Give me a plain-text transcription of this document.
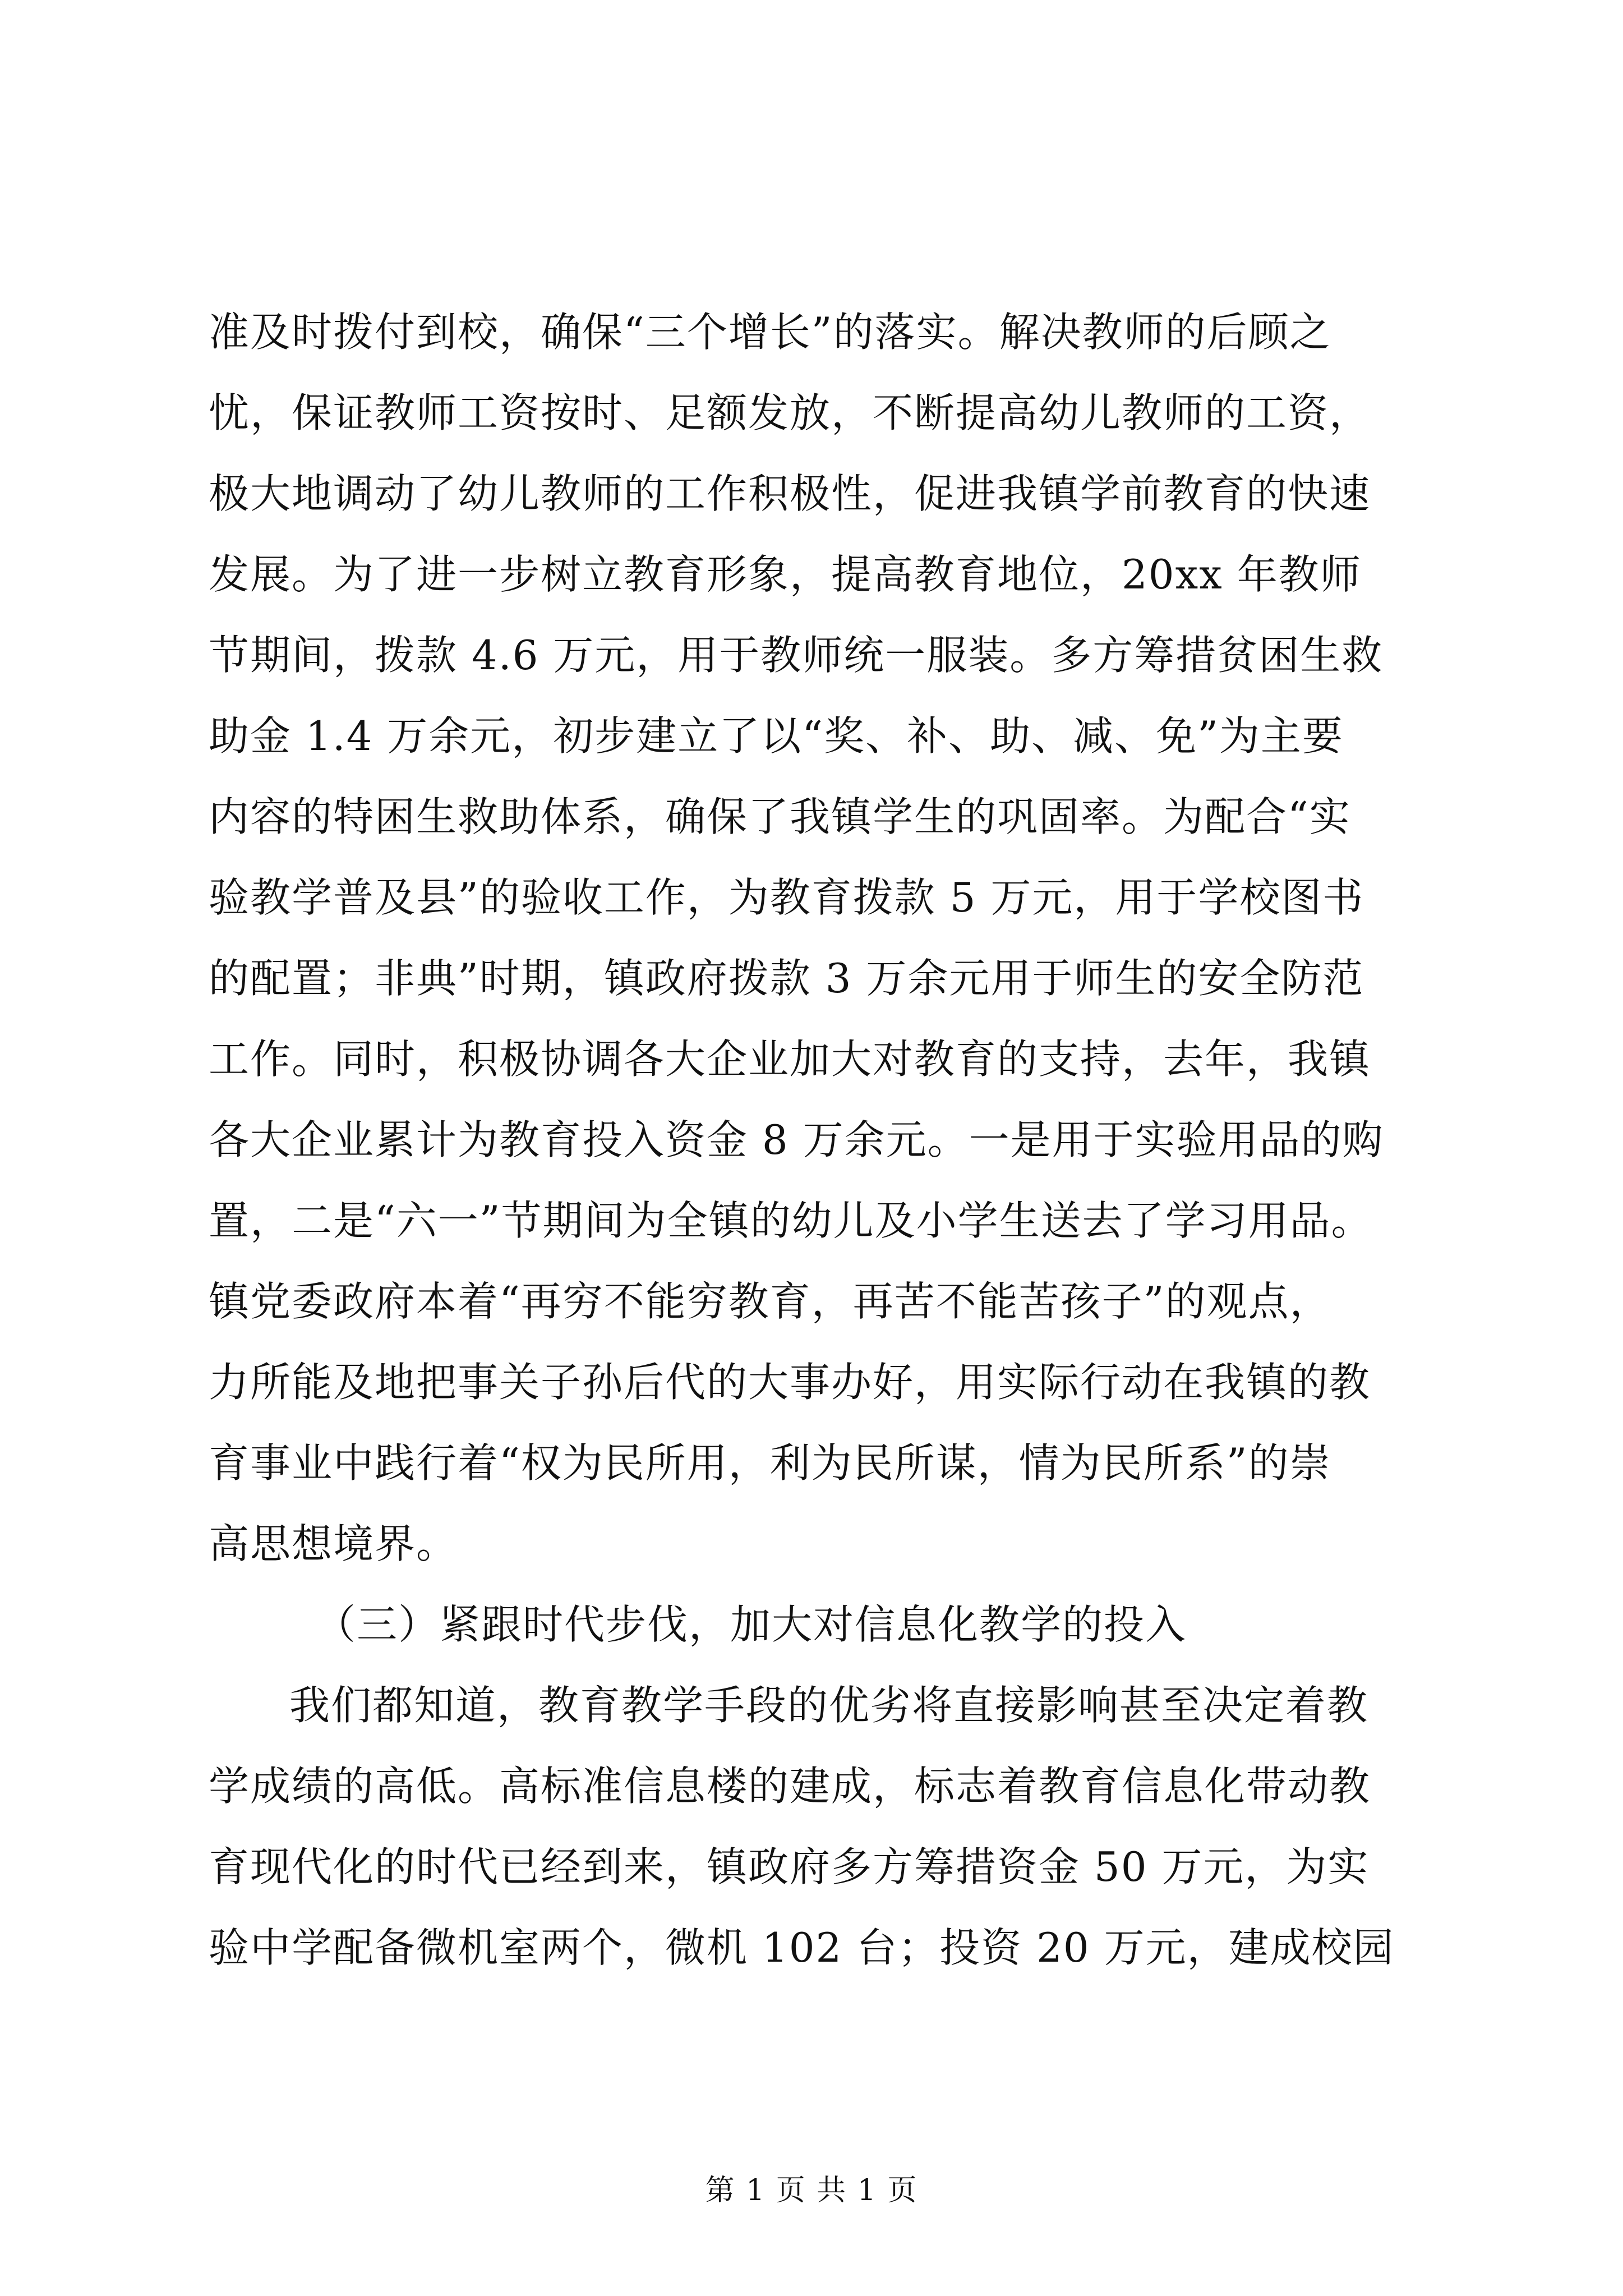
准及时拨付到校，确保“三个增长”的落实。解决教师的后顾之
忧，保证教师工资按时、足额发放，不断提高幼儿教师的工资，
极大地调动了幼儿教师的工作积极性，促进我镇学前教育的快速
发展。为了进一步树立教育形象，提高教育地位，20xx 年教师
节期间，拨款 4.6 万元，用于教师统一服装。多方筹措贫困生救
助金 1.4 万余元，初步建立了以“奖、补、助、减、免”为主要
内容的特困生救助体系，确保了我镇学生的巩固率。为配合“实
验教学普及县”的验收工作，为教育拨款 5 万元，用于学校图书
的配置；非典”时期，镇政府拨款 3 万余元用于师生的安全防范
工作。同时，积极协调各大企业加大对教育的支持，去年，我镇
各大企业累计为教育投入资金 8 万余元。一是用于实验用品的购
置，二是“六一”节期间为全镇的幼儿及小学生送去了学习用品。
镇党委政府本着“再穷不能穷教育，再苦不能苦孩子”的观点，
力所能及地把事关子孙后代的大事办好，用实际行动在我镇的教
育事业中践行着“权为民所用，利为民所谋，情为民所系”的崇
高思想境界。
（三）紧跟时代步伐，加大对信息化教学的投入
我们都知道，教育教学手段的优劣将直接影响甚至决定着教
学成绩的高低。高标准信息楼的建成，标志着教育信息化带动教
育现代化的时代已经到来，镇政府多方筹措资金 50 万元，为实
验中学配备微机室两个，微机 102 台；投资 20 万元，建成校园
第 1 页 共 1 页
